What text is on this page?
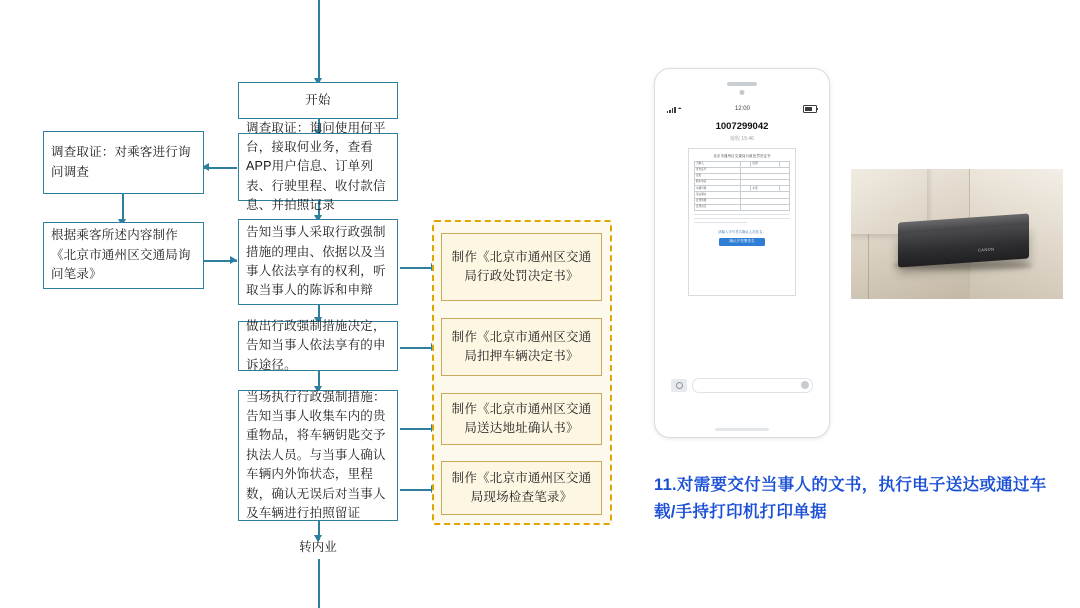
开始
调查取证：对乘客进行询问调查
根据乘客所述内容制作《北京市通州区交通局询问笔录》
调查取证：询问使用何平台，接取何业务，查看APP用户信息、订单列表、行驶里程、收付款信息、并拍照记录
告知当事人采取行政强制措施的理由、依据以及当事人依法享有的权利，听取当事人的陈诉和申辩
做出行政强制措施决定，告知当事人依法享有的申诉途径。
当场执行行政强制措施：告知当事人收集车内的贵重物品，将车辆钥匙交予执法人员。与当事人确认车辆内外饰状态，里程数，确认无误后对当事人及车辆进行拍照留证
转内业
制作《北京市通州区交通局行政处罚决定书》
制作《北京市通州区交通局扣押车辆决定书》
制作《北京市通州区交通局送达地址确认书》
制作《北京市通州区交通局现场检查笔录》
◓	12:00
1007299042
接收 15:46
北京市通州区交通局行政处罚决定书
当事人		性别	
身份证号			
住址			
联系电话			
车辆号牌		车型	
违法事实			
处罚依据			
处罚决定			
请输入手写签名确认人员姓名：
确认并签署签名
CANON
11.对需要交付当事人的文书，执行电子送达或通过车载/手持打印机打印单据
